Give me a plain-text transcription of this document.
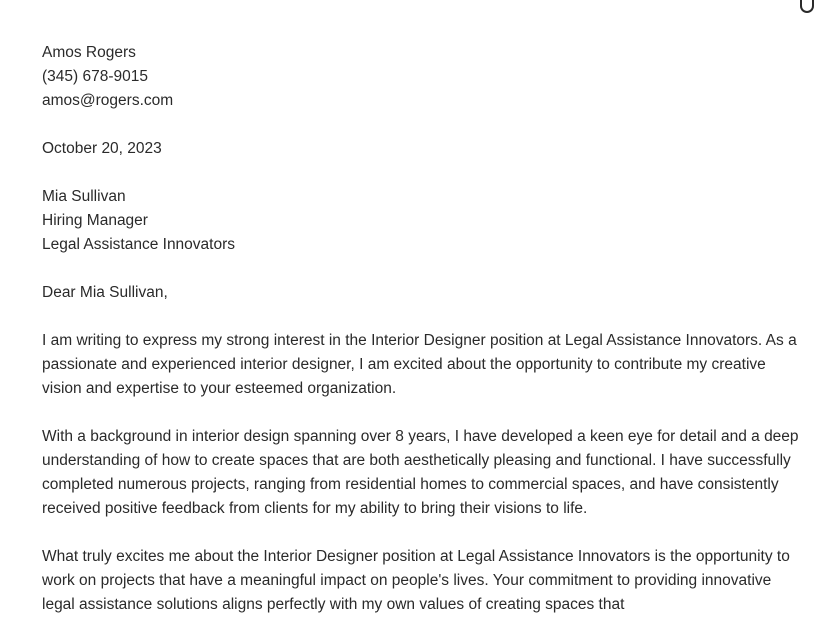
Amos Rogers
(345) 678-9015
amos@rogers.com
October 20, 2023
Mia Sullivan
Hiring Manager
Legal Assistance Innovators
Dear Mia Sullivan,

I am writing to express my strong interest in the Interior Designer position at Legal Assistance Innovators. As a passionate and experienced interior designer, I am excited about the opportunity to contribute my creative vision and expertise to your esteemed organization.

With a background in interior design spanning over 8 years, I have developed a keen eye for detail and a deep understanding of how to create spaces that are both aesthetically pleasing and functional. I have successfully completed numerous projects, ranging from residential homes to commercial spaces, and have consistently received positive feedback from clients for my ability to bring their visions to life.

What truly excites me about the Interior Designer position at Legal Assistance Innovators is the opportunity to work on projects that have a meaningful impact on people's lives. Your commitment to providing innovative legal assistance solutions aligns perfectly with my own values of creating spaces that
